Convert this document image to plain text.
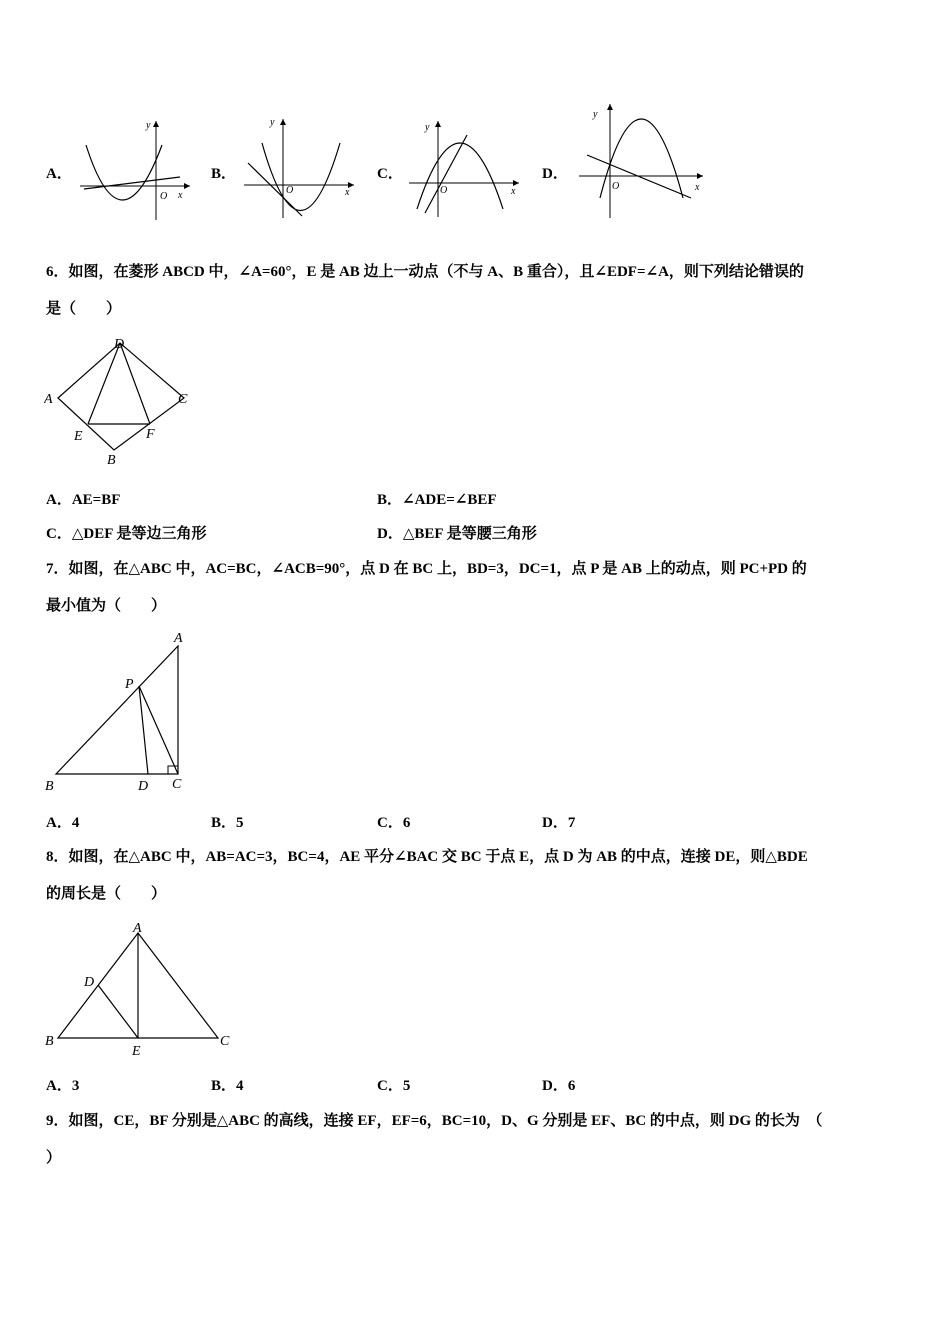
A．
y
x
O
B．
y
x
O
C．
y
x
O
D．
y
x
O
6．如图，在菱形 ABCD 中，∠A=60°，E 是 AB 边上一动点（不与 A、B 重合），且∠EDF=∠A，则下列结论错误的
是（　　）
D
A	C
E	F
B
A．AE=BF	B．∠ADE=∠BEF
C．△DEF 是等边三角形	D．△BEF 是等腰三角形
7．如图，在△ABC 中，AC=BC，∠ACB=90°，点 D 在 BC 上，BD=3，DC=1，点 P 是 AB 上的动点，则 PC+PD 的
最小值为（　　）
A
P
B	D C
A．4	B．5	C．6	D．7
8．如图，在△ABC 中，AB=AC=3，BC=4，AE 平分∠BAC 交 BC 于点 E，点 D 为 AB 的中点，连接 DE，则△BDE
的周长是（　　）
A
D
B
E
C
A．3	B．4	C．5	D．6
9．如图，CE，BF 分别是△ABC 的高线，连接 EF，EF=6，BC=10，D、G 分别是 EF、BC 的中点，则 DG 的长为　（
）
